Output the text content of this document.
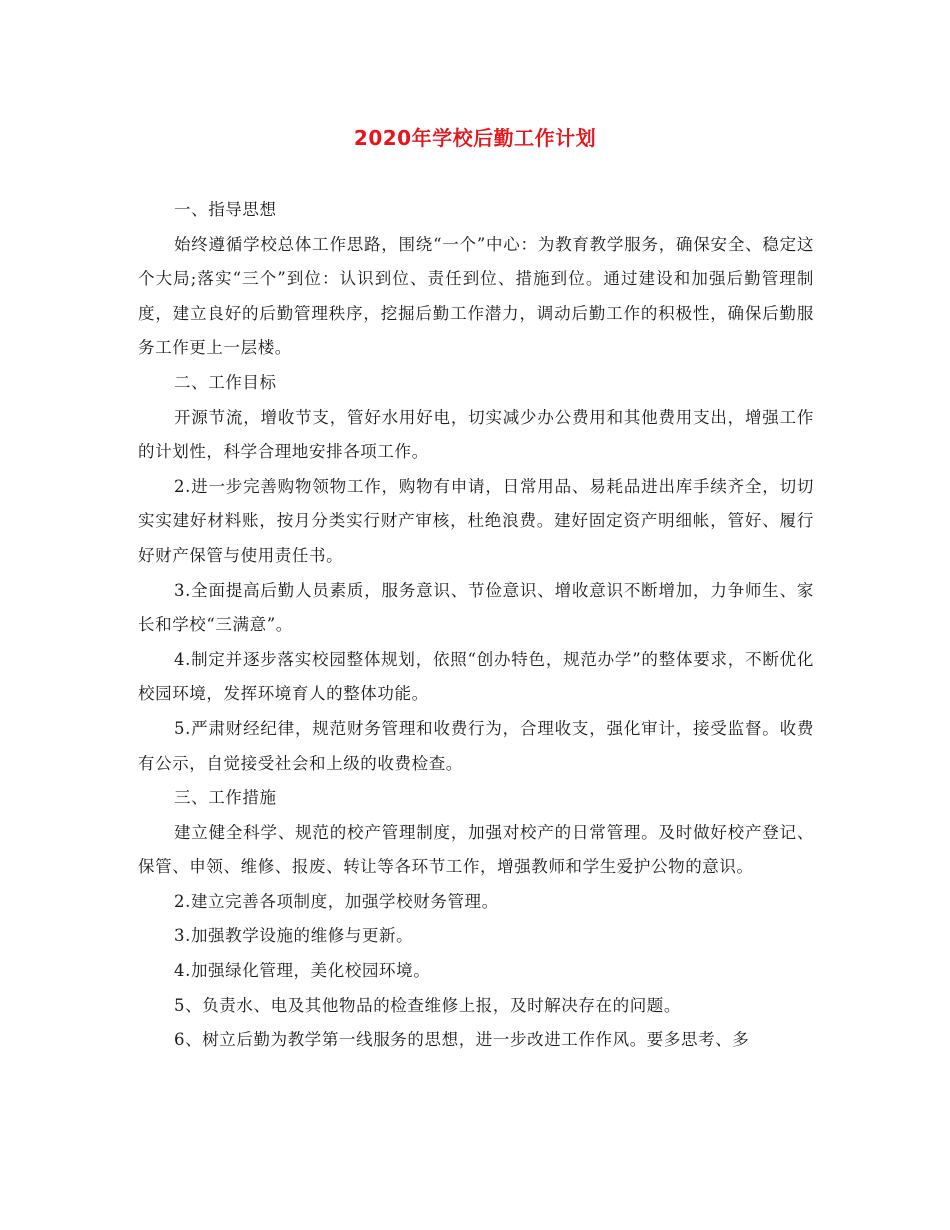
2020年学校后勤工作计划

一、指导思想

始终遵循学校总体工作思路，围绕“一个”中心：为教育教学服务，确保安全、稳定这个大局;落实“三个”到位：认识到位、责任到位、措施到位。通过建设和加强后勤管理制度，建立良好的后勤管理秩序，挖掘后勤工作潜力，调动后勤工作的积极性，确保后勤服务工作更上一层楼。

二、工作目标

开源节流，增收节支，管好水用好电，切实减少办公费用和其他费用支出，增强工作的计划性，科学合理地安排各项工作。

2.进一步完善购物领物工作，购物有申请，日常用品、易耗品进出库手续齐全，切切实实建好材料账，按月分类实行财产审核，杜绝浪费。建好固定资产明细帐，管好、履行好财产保管与使用责任书。

3.全面提高后勤人员素质，服务意识、节俭意识、增收意识不断增加，力争师生、家长和学校“三满意”。

4.制定并逐步落实校园整体规划，依照“创办特色，规范办学”的整体要求，不断优化校园环境，发挥环境育人的整体功能。

5.严肃财经纪律，规范财务管理和收费行为，合理收支，强化审计，接受监督。收费有公示，自觉接受社会和上级的收费检查。

三、工作措施

建立健全科学、规范的校产管理制度，加强对校产的日常管理。及时做好校产登记、保管、申领、维修、报废、转让等各环节工作，增强教师和学生爱护公物的意识。

2.建立完善各项制度，加强学校财务管理。

3.加强教学设施的维修与更新。

4.加强绿化管理，美化校园环境。

5、负责水、电及其他物品的检查维修上报，及时解决存在的问题。

6、树立后勤为教学第一线服务的思想，进一步改进工作作风。要多思考、多
